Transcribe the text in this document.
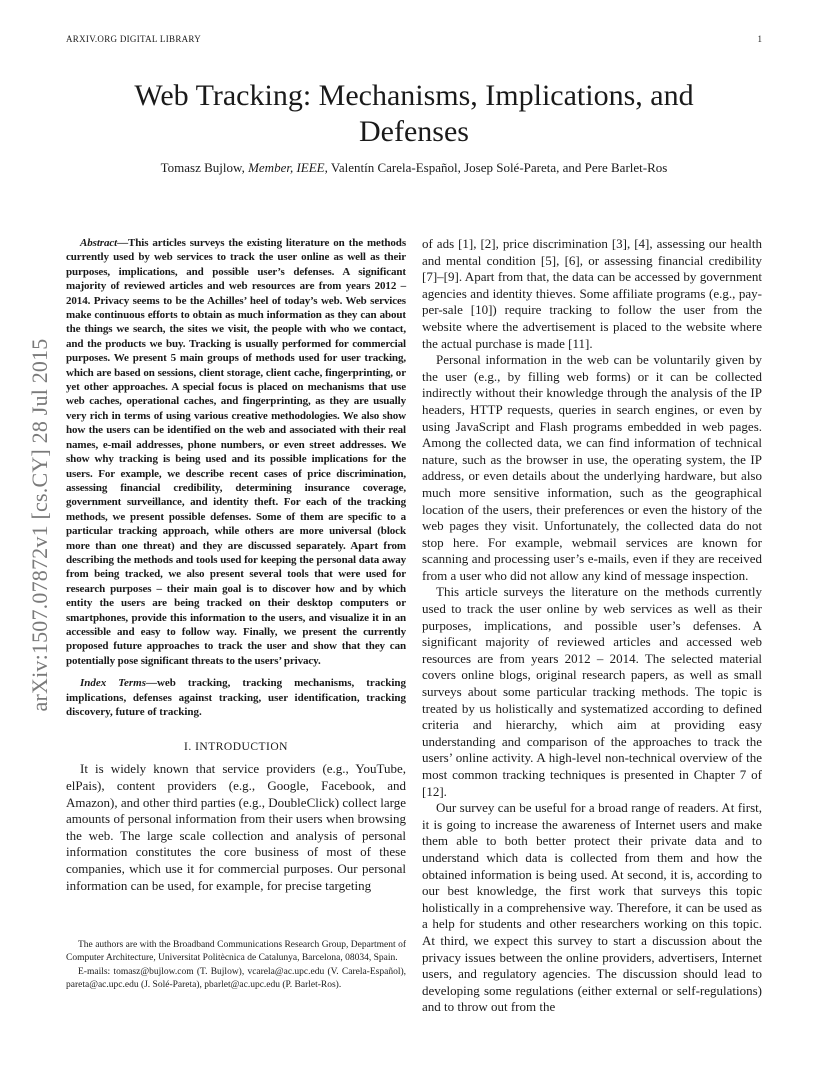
ARXIV.ORG DIGITAL LIBRARY	1
arXiv:1507.07872v1 [cs.CY] 28 Jul 2015
Web Tracking: Mechanisms, Implications, and Defenses
Tomasz Bujlow, Member, IEEE, Valentín Carela-Español, Josep Solé-Pareta, and Pere Barlet-Ros

Abstract—This articles surveys the existing literature on the methods currently used by web services to track the user online as well as their purposes, implications, and possible user’s defenses. A significant majority of reviewed articles and web resources are from years 2012 – 2014. Privacy seems to be the Achilles’ heel of today’s web. Web services make continuous efforts to obtain as much information as they can about the things we search, the sites we visit, the people with who we contact, and the products we buy. Tracking is usually performed for commercial purposes. We present 5 main groups of methods used for user tracking, which are based on sessions, client storage, client cache, fingerprinting, or yet other approaches. A special focus is placed on mechanisms that use web caches, operational caches, and fingerprinting, as they are usually very rich in terms of using various creative methodologies. We also show how the users can be identified on the web and associated with their real names, e-mail addresses, phone numbers, or even street addresses. We show why tracking is being used and its possible implications for the users. For example, we describe recent cases of price discrimination, assessing financial credibility, determining insurance coverage, government surveillance, and identity theft. For each of the tracking methods, we present possible defenses. Some of them are specific to a particular tracking approach, while others are more universal (block more than one threat) and they are discussed separately. Apart from describing the methods and tools used for keeping the personal data away from being tracked, we also present several tools that were used for research purposes – their main goal is to discover how and by which entity the users are being tracked on their desktop computers or smartphones, provide this information to the users, and visualize it in an accessible and easy to follow way. Finally, we present the currently proposed future approaches to track the user and show that they can potentially pose significant threats to the users’ privacy.

Index Terms—web tracking, tracking mechanisms, tracking implications, defenses against tracking, user identification, tracking discovery, future of tracking.

I. INTRODUCTION

It is widely known that service providers (e.g., YouTube, elPais), content providers (e.g., Google, Facebook, and Amazon), and other third parties (e.g., DoubleClick) collect large amounts of personal information from their users when browsing the web. The large scale collection and analysis of personal information constitutes the core business of most of these companies, which use it for commercial purposes. Our personal information can be used, for example, for precise targeting

The authors are with the Broadband Communications Research Group, Department of Computer Architecture, Universitat Politècnica de Catalunya, Barcelona, 08034, Spain.

E-mails: tomasz@bujlow.com (T. Bujlow), vcarela@ac.upc.edu (V. Carela-Español), pareta@ac.upc.edu (J. Solé-Pareta), pbarlet@ac.upc.edu (P. Barlet-Ros).

of ads [1], [2], price discrimination [3], [4], assessing our health and mental condition [5], [6], or assessing financial credibility [7]–[9]. Apart from that, the data can be accessed by government agencies and identity thieves. Some affiliate programs (e.g., pay-per-sale [10]) require tracking to follow the user from the website where the advertisement is placed to the website where the actual purchase is made [11].

Personal information in the web can be voluntarily given by the user (e.g., by filling web forms) or it can be collected indirectly without their knowledge through the analysis of the IP headers, HTTP requests, queries in search engines, or even by using JavaScript and Flash programs embedded in web pages. Among the collected data, we can find information of technical nature, such as the browser in use, the operating system, the IP address, or even details about the underlying hardware, but also much more sensitive information, such as the geographical location of the users, their preferences or even the history of the web pages they visit. Unfortunately, the collected data do not stop here. For example, webmail services are known for scanning and processing user’s e-mails, even if they are received from a user who did not allow any kind of message inspection.

This article surveys the literature on the methods currently used to track the user online by web services as well as their purposes, implications, and possible user’s defenses. A significant majority of reviewed articles and accessed web resources are from years 2012 – 2014. The selected material covers online blogs, original research papers, as well as small surveys about some particular tracking methods. The topic is treated by us holistically and systematized according to defined criteria and hierarchy, which aim at providing easy understanding and comparison of the approaches to track the users’ online activity. A high-level non-technical overview of the most common tracking techniques is presented in Chapter 7 of [12].

Our survey can be useful for a broad range of readers. At first, it is going to increase the awareness of Internet users and make them able to both better protect their private data and to understand which data is collected from them and how the obtained information is being used. At second, it is, according to our best knowledge, the first work that surveys this topic holistically in a comprehensive way. Therefore, it can be used as a help for students and other researchers working on this topic. At third, we expect this survey to start a discussion about the privacy issues between the online providers, advertisers, Internet users, and regulatory agencies. The discussion should lead to developing some regulations (either external or self-regulations) and to throw out from the
